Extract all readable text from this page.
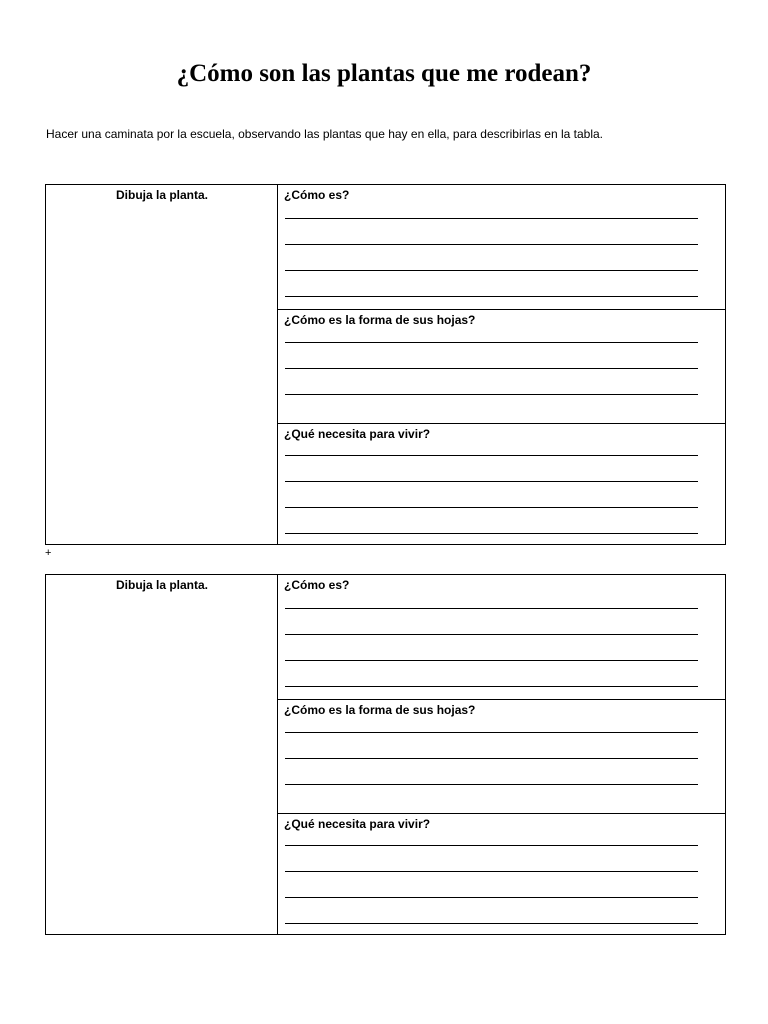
¿Cómo son las plantas que me rodean?
Hacer una caminata por la escuela, observando las plantas que hay en ella, para describirlas en la tabla.
Dibuja la planta.	¿Cómo es?
¿Cómo es la forma de sus hojas?
¿Qué necesita para vivir?
+
Dibuja la planta.	¿Cómo es?
¿Cómo es la forma de sus hojas?
¿Qué necesita para vivir?
